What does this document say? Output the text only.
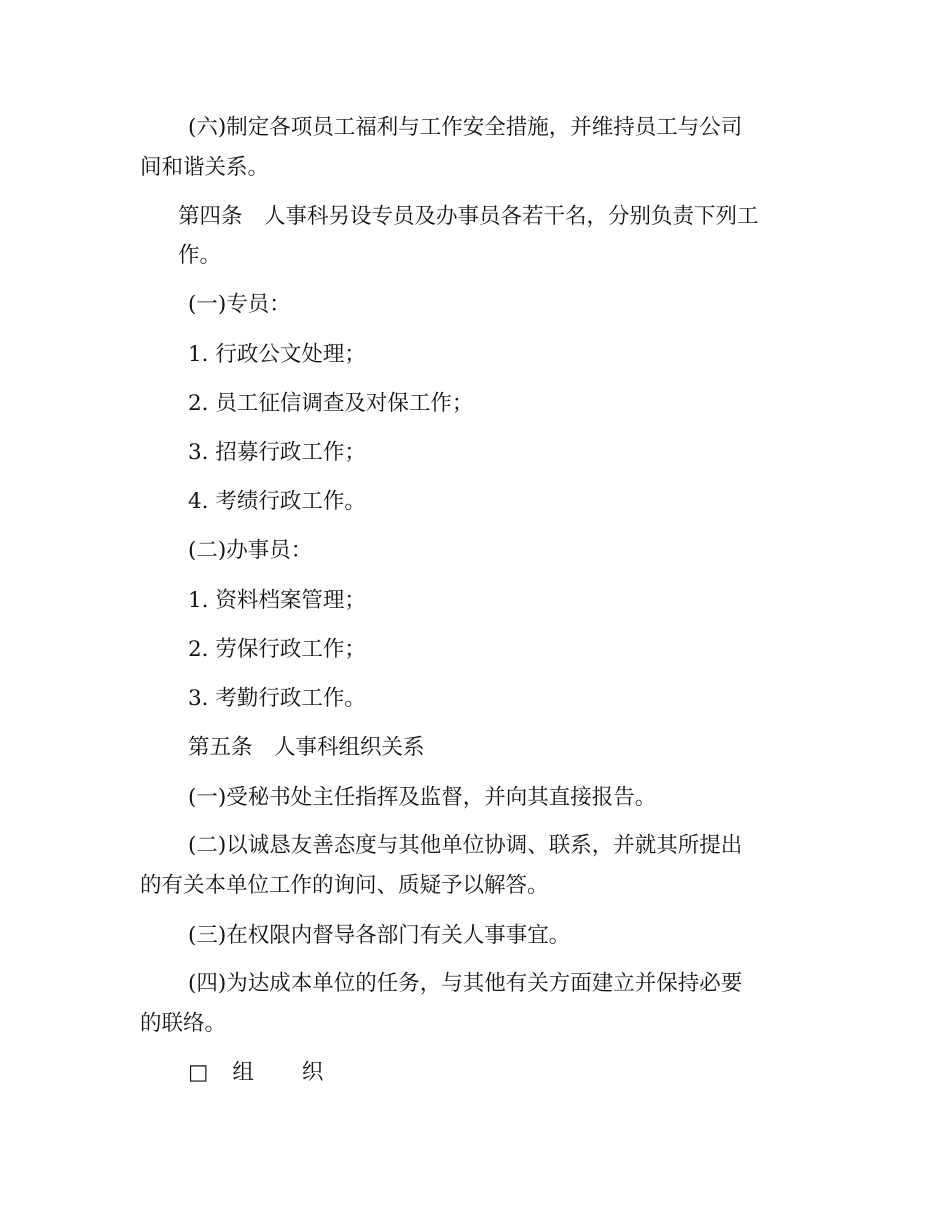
(六)制定各项员工福利与工作安全措施，并维持员工与公司
间和谐关系。
第四条　人事科另设专员及办事员各若干名，分别负责下列工
作。
(一)专员：
1. 行政公文处理；
2. 员工征信调查及对保工作；
3. 招募行政工作；
4. 考绩行政工作。
(二)办事员：
1. 资料档案管理；
2. 劳保行政工作；
3. 考勤行政工作。
第五条　人事科组织关系
(一)受秘书处主任指挥及监督，并向其直接报告。
(二)以诚恳友善态度与其他单位协调、联系，并就其所提出
的有关本单位工作的询问、质疑予以解答。
(三)在权限内督导各部门有关人事事宜。
(四)为达成本单位的任务，与其他有关方面建立并保持必要
的联络。
□ 组 织
